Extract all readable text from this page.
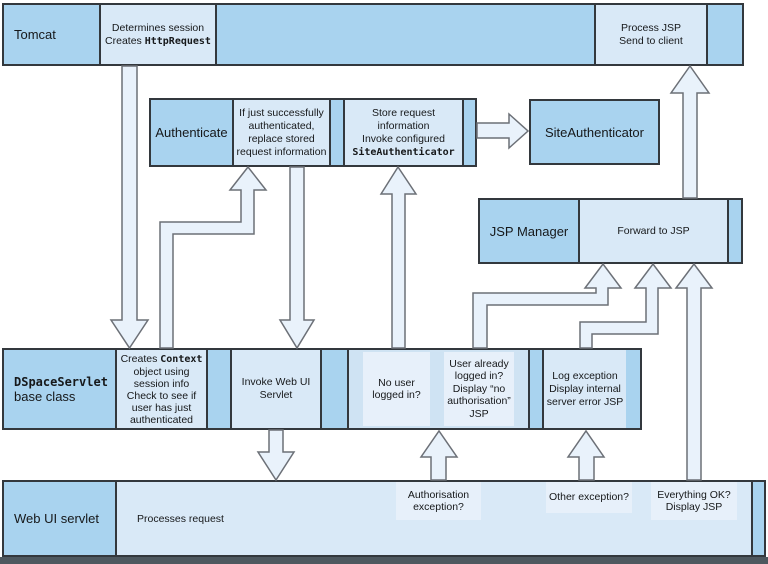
Tomcat	Determines session
Creates HttpRequest
Process JSP
Send to client
Authenticate
If just successfully
authenticated,
replace stored
request information
Store request information
Invoke configured
SiteAuthenticator
SiteAuthenticator
JSP Manager	Forward to JSP
DSpaceServlet
base class
Creates Context
object using
session info
Check to see if
user has just
authenticated
Invoke Web UI
Servlet
Log exception
Display internal
server error JSP
No user
logged in?
User already
logged in?
Display “no
authorisation”
JSP
Web UI servlet	Processes request
Authorisation
exception?
Other exception?	Everything OK?
Display JSP
